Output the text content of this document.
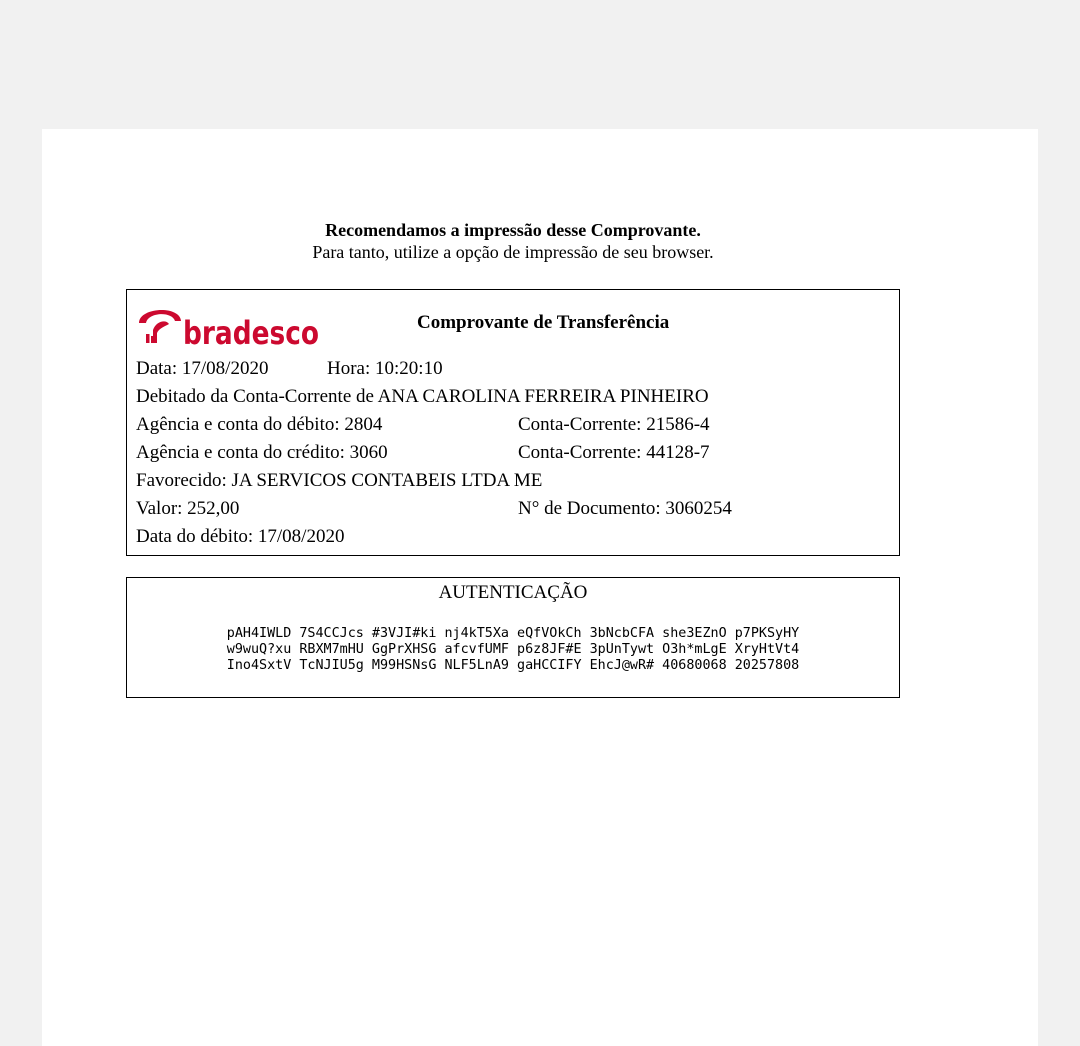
Recomendamos a impressão desse Comprovante.
Para tanto, utilize a opção de impressão de seu browser.
bradesco	Comprovante de Transferência
Data: 17/08/2020	Hora: 10:20:10
Debitado da Conta-Corrente de ANA CAROLINA FERREIRA PINHEIRO
Agência e conta do débito: 2804	Conta-Corrente: 21586-4
Agência e conta do crédito: 3060	Conta-Corrente: 44128-7
Favorecido: JA SERVICOS CONTABEIS LTDA ME
Valor: 252,00	N° de Documento: 3060254
Data do débito: 17/08/2020
AUTENTICAÇÃO
pAH4IWLD 7S4CCJcs #3VJI#ki nj4kT5Xa eQfVOkCh 3bNcbCFA she3EZnO p7PKSyHY
w9wuQ?xu RBXM7mHU GgPrXHSG afcvfUMF p6z8JF#E 3pUnTywt O3h*mLgE XryHtVt4
Ino4SxtV TcNJIU5g M99HSNsG NLF5LnA9 gaHCCIFY EhcJ@wR# 40680068 20257808
